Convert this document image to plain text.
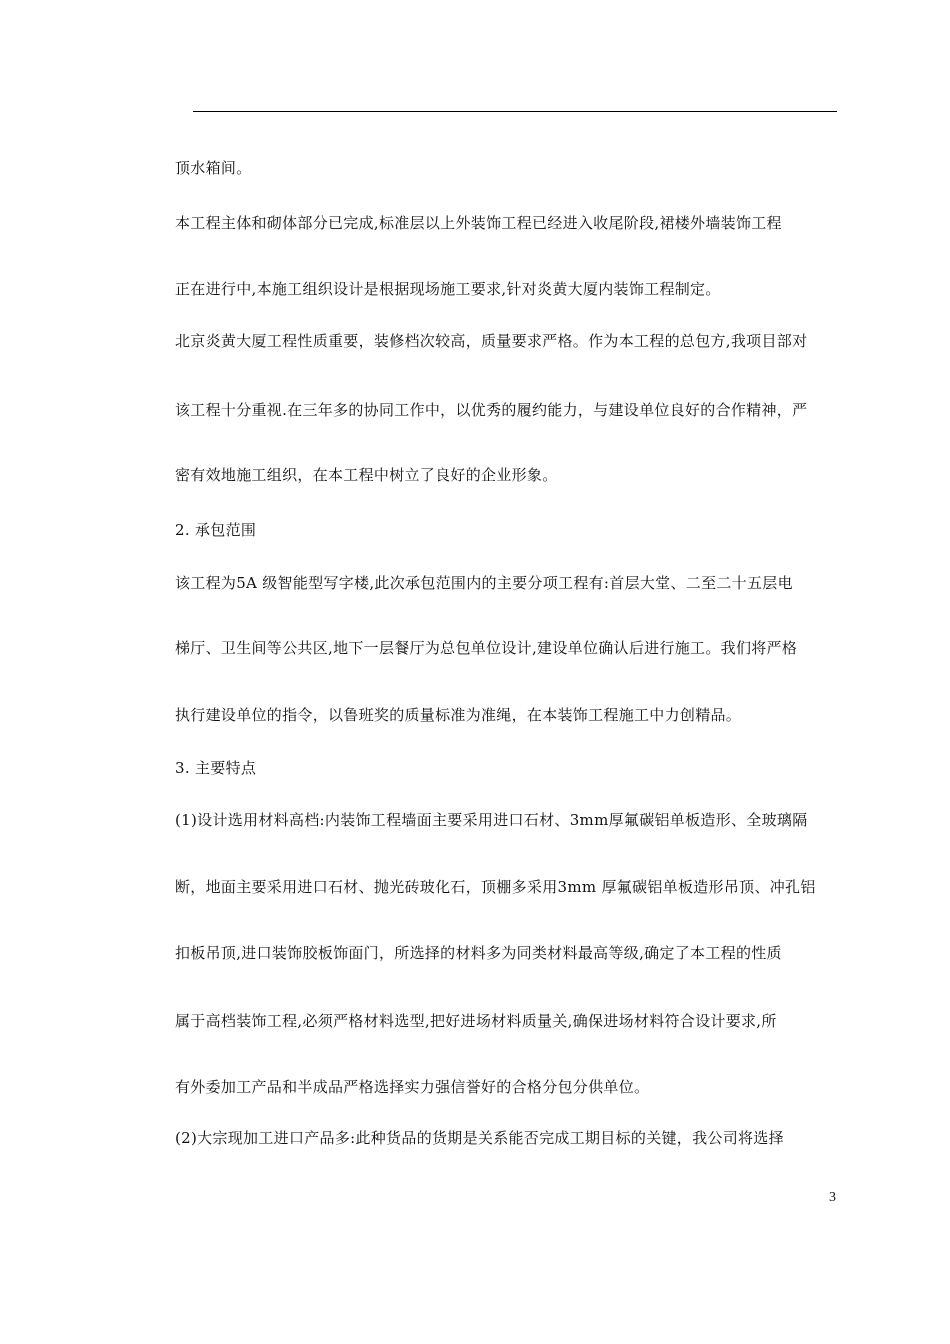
顶水箱间。
本工程主体和砌体部分已完成,标准层以上外装饰工程已经进入收尾阶段,裙楼外墙装饰工程
正在进行中,本施工组织设计是根据现场施工要求,针对炎黄大厦内装饰工程制定。
北京炎黄大厦工程性质重要，装修档次较高，质量要求严格。作为本工程的总包方,我项目部对
该工程十分重视.在三年多的协同工作中，以优秀的履约能力，与建设单位良好的合作精神，严
密有效地施工组织，在本工程中树立了良好的企业形象。
2. 承包范围
该工程为5A 级智能型写字楼,此次承包范围内的主要分项工程有:首层大堂、二至二十五层电
梯厅、卫生间等公共区,地下一层餐厅为总包单位设计,建设单位确认后进行施工。我们将严格
执行建设单位的指令，以鲁班奖的质量标准为准绳，在本装饰工程施工中力创精品。
3. 主要特点
(1)设计选用材料高档:内装饰工程墙面主要采用进口石材、3mm厚氟碳铝单板造形、全玻璃隔
断，地面主要采用进口石材、抛光砖玻化石，顶棚多采用3mm 厚氟碳铝单板造形吊顶、冲孔铝
扣板吊顶,进口装饰胶板饰面门，所选择的材料多为同类材料最高等级,确定了本工程的性质
属于高档装饰工程,必须严格材料选型,把好进场材料质量关,确保进场材料符合设计要求,所
有外委加工产品和半成品严格选择实力强信誉好的合格分包分供单位。
(2)大宗现加工进口产品多:此种货品的货期是关系能否完成工期目标的关键，我公司将选择
3
